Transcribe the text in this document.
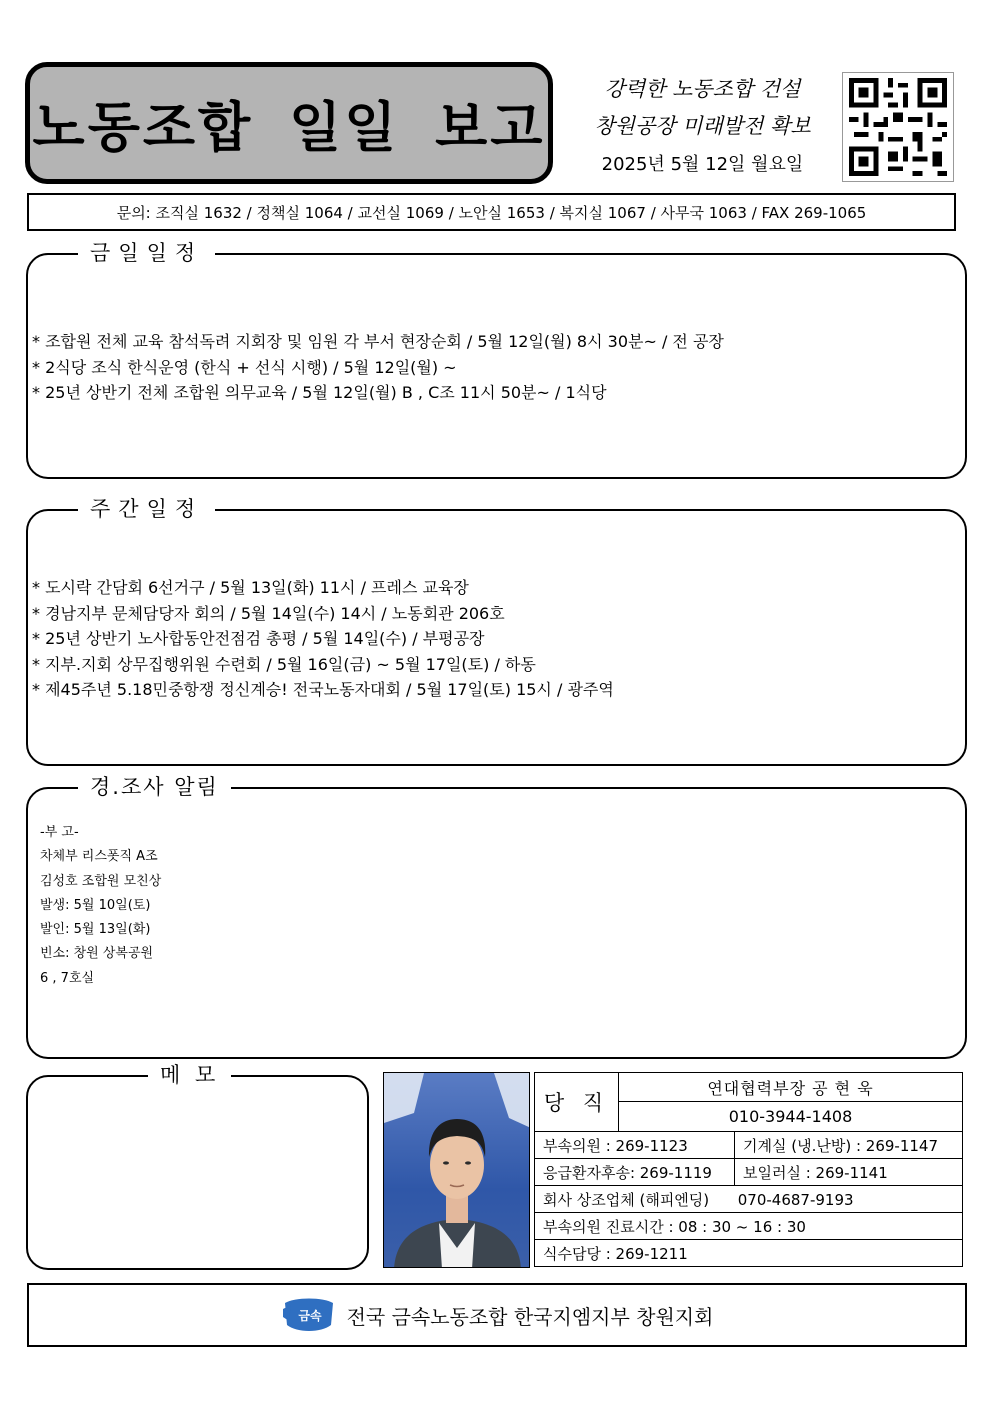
노동조합 일일 보고
강력한 노동조합 건설
창원공장 미래발전 확보
2025년 5월 12일 월요일
문의: 조직실 1632 / 정책실 1064 / 교선실 1069 / 노안실 1653 / 복지실 1067 / 사무국 1063 / FAX 269-1065
금일일정
* 조합원 전체 교육 참석독려 지회장 및 임원 각 부서 현장순회 / 5월 12일(월) 8시 30분~ / 전 공장
* 2식당 조식 한식운영 (한식 + 선식 시행) / 5월 12일(월) ~
* 25년 상반기 전체 조합원 의무교육 / 5월 12일(월) B , C조 11시 50분~ / 1식당
주간일정
* 도시락 간담회 6선거구 / 5월 13일(화) 11시 / 프레스 교육장
* 경남지부 문체담당자 회의 / 5월 14일(수) 14시 / 노동회관 206호
* 25년 상반기 노사합동안전점검 총평 / 5월 14일(수) / 부평공장
* 지부.지회 상무집행위원 수련회 / 5월 16일(금) ~ 5월 17일(토) / 하동
* 제45주년 5.18민중항쟁 정신계승! 전국노동자대회 / 5월 17일(토) 15시 / 광주역
경.조사 알림
-부 고-
차체부 리스폿직 A조
김성호 조합원 모친상
발생: 5월 10일(토)
발인: 5월 13일(화)
빈소: 창원 상복공원
6 , 7호실
메 모
당 직
연대협력부장 공 현 욱
010-3944-1408
부속의원 : 269-1123	기계실 (냉.난방) : 269-1147
응급환자후송: 269-1119	보일러실 : 269-1141
회사 상조업체 (해피엔딩)      070-4687-9193
부속의원 진료시간 : 08 : 30 ~ 16 : 30
식수담당 : 269-1211
금속 전국 금속노동조합 한국지엠지부 창원지회
